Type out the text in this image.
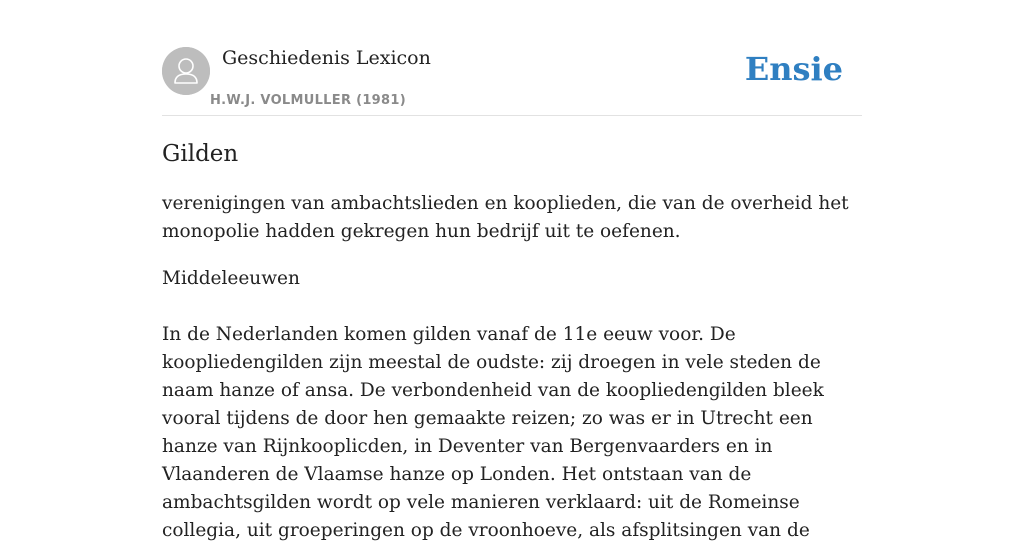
Geschiedenis Lexicon
H.W.J. VOLMULLER (1981)
Ensie
Gilden

verenigingen van ambachtslieden en kooplieden, die van de overheid het monopolie hadden gekregen hun bedrijf uit te oefenen.

Middeleeuwen

In de Nederlanden komen gilden vanaf de 11e eeuw voor. De koopliedengilden zijn meestal de oudste: zij droegen in vele steden de naam hanze of ansa. De verbondenheid van de koopliedengilden bleek vooral tijdens de door hen gemaakte reizen; zo was er in Utrecht een hanze van Rijnkooplicden, in Deventer van Bergenvaarders en in Vlaanderen de Vlaamse hanze op Londen. Het ontstaan van de ambachtsgilden wordt op vele manieren verklaard: uit de Romeinse collegia, uit groeperingen op de vroonhoeve, als afsplitsingen van de
